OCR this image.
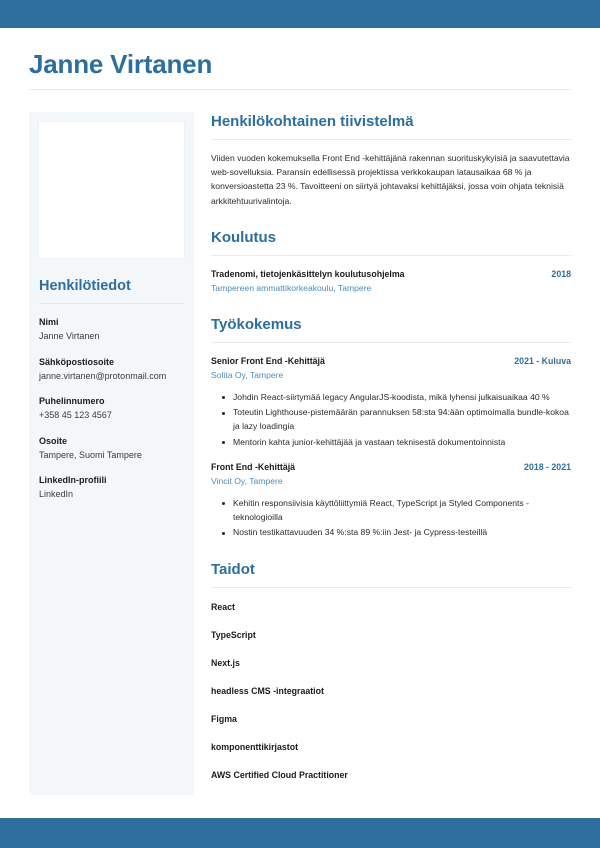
Janne Virtanen
Henkilötiedot
Nimi
Janne Virtanen
Sähköpostiosoite
janne.virtanen@protonmail.com
Puhelinnumero
+358 45 123 4567
Osoite
Tampere, Suomi Tampere
LinkedIn-profiili
LinkedIn
Henkilökohtainen tiivistelmä

Viiden vuoden kokemuksella Front End -kehittäjänä rakennan suorituskykyisiä ja saavutettavia web-sovelluksia. Paransin edellisessä projektissa verkkokaupan latausaikaa 68 % ja konversioastetta 23 %. Tavoitteeni on siirtyä johtavaksi kehittäjäksi, jossa voin ohjata teknisiä arkkitehtuurivalintoja.

Koulutus
Tradenomi, tietojenkäsittelyn koulutusohjelma	2018
Tampereen ammattikorkeakoulu, Tampere
Työkokemus
Senior Front End -Kehittäjä	2021 - Kuluva
Solita Oy, Tampere
Johdin React-siirtymää legacy AngularJS-koodista, mikä lyhensi julkaisuaikaa 40 %
Toteutin Lighthouse-pistemäärän parannuksen 58:sta 94:ään optimoimalla bundle-kokoa ja lazy loadingia
Mentorin kahta junior-kehittäjää ja vastaan teknisestä dokumentoinnista
Front End -Kehittäjä	2018 - 2021
Vincit Oy, Tampere
Kehitin responsiivisia käyttöliittymiä React, TypeScript ja Styled Components -teknologioilla
Nostin testikattavuuden 34 %:sta 89 %:iin Jest- ja Cypress-testeillä
Taidot
React
TypeScript
Next.js
headless CMS -integraatiot
Figma
komponenttikirjastot
AWS Certified Cloud Practitioner
